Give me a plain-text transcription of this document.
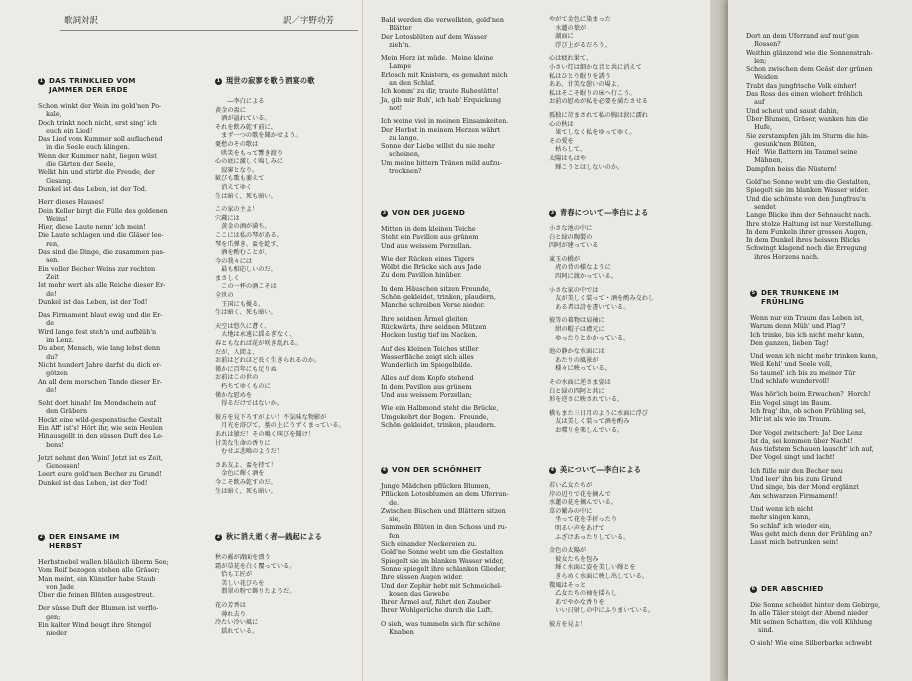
歌詞対訳	訳／宇野功芳
1 DAS TRINKLIED VOM
JAMMER DER ERDE
Schon winkt der Wein im gold'nen Po-
kale,
Doch trinkt noch nicht, erst sing' ich
euch ein Lied!
Das Lied vom Kummer soll auflachend
in die Seele euch klingen.
Wenn der Kummer naht, liegen wüst
die Gärten der Seele,
Welkt hin und stirbt die Freude, der
Gesang.
Dunkel ist das Leben, ist der Tod.

Herr dieses Hauses!
Dein Keller birgt die Fülle des goldenen
Weins!
Hier, diese Laute nenn' ich mein!
Die Laute schlagen und die Gläser lee-
ren,
Das sind die Dinge, die zusammen pas-
sen.
Ein voller Becher Weins zur rechten
Zeit
Ist mehr wert als alle Reiche dieser Er-
de!
Dunkel ist das Leben, ist der Tod!

Das Firmament blaut ewig und die Er-
de
Wird lange fest steh'n und aufblüh'n
im Lenz.
Du aber, Mensch, wie lang lebst denn
du?
Nicht hundert Jahre darfst du dich er-
götzen
An all dem morschen Tande dieser Er-
de!

Seht dort hinab! Im Mondschein auf
den Gräbern
Hockt eine wild-gespenstische Gestalt
Ein Aff' ist's! Hört ihr, wie sein Heulen
Hinausgellt in den süssen Duft des Le-
bens!

Jetzt nehmt den Wein! Jetzt ist es Zeit,
Genossen!
Leert eure gold'nen Becher zu Grund!
Dunkel ist das Leben, ist der Tod!
1 現世の寂寥を歌う酒宴の歌

　　―李白による
黄金の盃に
　酒が溢れている。
それを飲み乾す前に、
　まず一つの歌を聞かせよう。
憂愁のその歌は
　哄笑をもって響き渡り
心の底に激しく嗚しみに
　寂寥となり。
歓びも歌も萎えて
　消えてゆく
生は暗く、死も暗い。

この家の主よ！
穴蔵には
　黄金の酒が満ち、
ここには私の琴がある。
琴を爪弾き、盃を乾す、
　酒を酌むことが、
今の我々には
　最も相応しいのだ。
まさしく
　この一杯の酒こそは
全世の
　王国にも優る、
生は暗く、死も暗い。

天空は悠久に蒼く、
　大地は永遠に揺るぎなく、
春ともなれば花が咲き乱れる。
だが、人間よ、
お前はどれほど長く生きられるのか。
僅かに百年にも足りぬ
お前はこの世の
　朽ちてゆくものに
僅かな慰めを
　得るだけではないか。

彼方を見下ろすがよい！不気味な物影が
　月光を浴びて、墓の上にうずくまっている。
あれは猿だ！その鳴く叫びを聞け！
甘美な生命の香りに
　むせぶ悲鳴のようだ！

さあ友よ、盃を持て！
　金色に輝く酒を
今こそ飲み乾すのだ。
生は暗く、死も暗い。
2 DER EINSAME IM
HERBST
Herbstnebel wallen bläulich überm See;
Vom Reif bezogen stehen alle Gräser;
Man meint, ein Künstler habe Staub
von Jade
Über die feinen Blüten ausgestreut.

Der süsse Duft der Blumen ist verflo-
gen;
Ein kalter Wind beugt ihre Stengel
nieder
2 秋に消え逝く者―銭起による

秋の霧が湖面を漂う
霜が草花を白く覆っている。
　恰も工匠が
　美しい花びらを
　翡翠の粉で飾りたようだ。

花の芳香は
　薄れ去り
冷たい冷い風に
　揺れている。
Bald werden die verwelkten, gold'nen
Blätter
Der Lotosblüten auf dem Wasser
zieh'n.

Mein Herz ist müde.  Meine kleine
Lampe
Erlosch mit Knistern, es gemahnt mich
an den Schlaf.
Ich komm' zu dir, traute Ruhestätte!
Ja, gib mir Ruh', ich hab' Erquickung
not!

Ich weine viel in meinen Einsamkeiten.
Der Herbst in meinem Herzen währt
zu lange.
Sonne der Liebe willst du nie mehr
scheinen,
Um meine bittern Tränen mild aufzu-
trocknen?
やがて金色に染まった
　水蓮の葉が
　湖面に
　浮び上がるだろう。

心は疲れ果て、
小さい灯は細かな音と共に消えて
私はひとり眠りを誘う
ああ、甘美な憩いの場よ、
私はそこそ眠りの床へ行こう。
お前の慰めが私を必要を満たさせる

孤独に苛まされて私の胸は涙に濡れ
心の秋は
　果てしなく私をゆってゆく。
その愛を
　枯らして、
太陽はもはや
　輝こうとはしないのか。
3 VON DER JUGEND
Mitten in dem kleinen Teiche
Steht ein Pavillon aus grünem
Und aus weissem Porzellan.

Wie der Rücken eines Tigers
Wölbt die Brücke sich aus Jade
Zu dem Pavillon hinüber.

In dem Häuschen sitzen Freunde,
Schön gekleidet, trinken, plaudern,
Manche schreiben Verse nieder.

Ihre seidnen Ärmel gleiten
Rückwärts, ihre seidnen Mützen
Hocken lustig tief im Nacken.

Auf des kleinen Teiches stiller
Wasserfläche zeigt sich alles
Wunderlich im Spiegelbilde.

Alles auf dem Kopfe stehend
In dem Pavillon aus grünem
Und aus weissem Porzellan;

Wie ein Halbmond steht die Brücke,
Umgekehrt der Bogen.  Freunde,
Schön gekleidet, trinken, plaudern.
3 青春について―李白による
小さな池の中に
白と緑の陶製の
四阿が建っている

東玉の橋が
　虎の背の様なように
　四阿に渡かっている。

小さな家の中では
　友が美しく装って・酒を酌み交わし
　ある者は詩を書いている。

彼等の着物は肩袖に
　紺の帽子は襟元に
　ゆったりとかかっている。

池の静かな水面には
　あたりの風景が
　様々に映っている。

その水面に逆さま姿は
白と緑の四阿と共に
形を逆さに映されている。

橋もまた三日月のように水面に浮び
　友は美しく装って酒を酌み
　お喋りを楽しんでいる。
4 VON DER SCHÖNHEIT
Junge Mädchen pflücken Blumen,
Pflücken Lotosblumen an dem Uferran-
de.
Zwischen Büschen und Blättern sitzen
sie,
Sammeln Blüten in den Schoss und ru-
fen
Sich einander Neckereien zu.
Gold'ne Sonne webt um die Gestalten
Spiegelt sie im blanken Wasser wider,
Sonne spiegelt ihre schlanken Glieder,
Ihre süssen Augen wider.
Und der Zephir hebt mit Schmeichel-
kosen das Gewebe
Ihrer Ärmel auf, führt den Zauber
Ihrer Wohlgerüche durch die Luft.

O sieh, was tummeln sich für schöne
Knaben
4 美について―李白による
若い乙女たちが
岸の辺りで花を摘んで
水蓮の花を摘んでいる。
草の繁みの中に
　坐って花を手折ったり
　明るい声をあげて
　ふざけあったりしている。

金色の太陽が
　彼女たちを包み
　輝く水面に姿を美しい輝とを
　きらめく水面に映し出している。
微風はそっと
　乙女たちの袖を揺らし
　あでやかな香りを
　いい日射しの中にふりまいている。

彼方を見よ！
Dort an dem Uferrand auf mut'gen
Rossen?
Weithin glänzend wie die Sonnenstrah-
len;
Schon zwischen dem Geäst der grünen
Weiden
Trabt das jungfrische Volk einher!
Das Ross des einen wiehert fröhlich
auf
Und scheut und saust dahin,
Über Blumen, Gräser, wanken hin die
Hufe,
Sie zerstampfen jäh im Sturm die hin-
gesunk'nen Blüten,
Hei!  Wie flattern im Taumel seine
Mähnen,
Dampfen heiss die Nüstern!

Gold'ne Sonne webt um die Gestalten,
Spiegelt sie im blanken Wasser wider.
Und die schönste von den Jungfrau'n
sendet
Lange Blicke ihm der Sehnsucht nach.
Ihre stolze Haltung ist nur Verstellung.
In dem Funkeln ihrer grossen Augen,
In dem Dunkel ihres heissen Blicks
Schwingt klagend noch die Erregung
ihres Herzens nach.
5 DER TRUNKENE IM
FRÜHLING
Wenn nur ein Traum das Leben ist,
Warum denn Müh' und Plag'?
Ich trinke, bis ich nicht mehr kann,
Den ganzen, lieben Tag!

Und wenn ich nicht mehr trinken kann,
Weil Kehl' und Seele voll,
So taumel' ich bis zu meiner Tür
Und schlafe wundervoll!

Was hör'ich beim Erwachen?  Horch!
Ein Vogel singt im Baum.
Ich frag' ihn, ob schon Frühling sei,
Mir ist als wie im Traum.

Der Vogel zwitschert: Ja! Der Lenz
Ist da, sei kommen über Nacht!
Aus tiefstem Schauen lauscht' ich auf,
Der Vogel singt und lacht!

Ich fülle mir den Becher neu
Und leer' ihn bis zum Grund
Und singe, bis der Mond erglänzt
Am schwarzen Firmament!

Und wenn ich nicht
mehr singen kann,
So schlaf' ich wieder ein,
Was geht mich denn der Frühling an?
Lasst mich betrunken sein!
6 DER ABSCHIED
Die Sonne scheidet hinter dem Gebirge,
In alle Täler steigt der Abend nieder
Mit seinen Schatten, die voll Kühlung
sind.

O sieh! Wie eine Silberbarke schwebt
